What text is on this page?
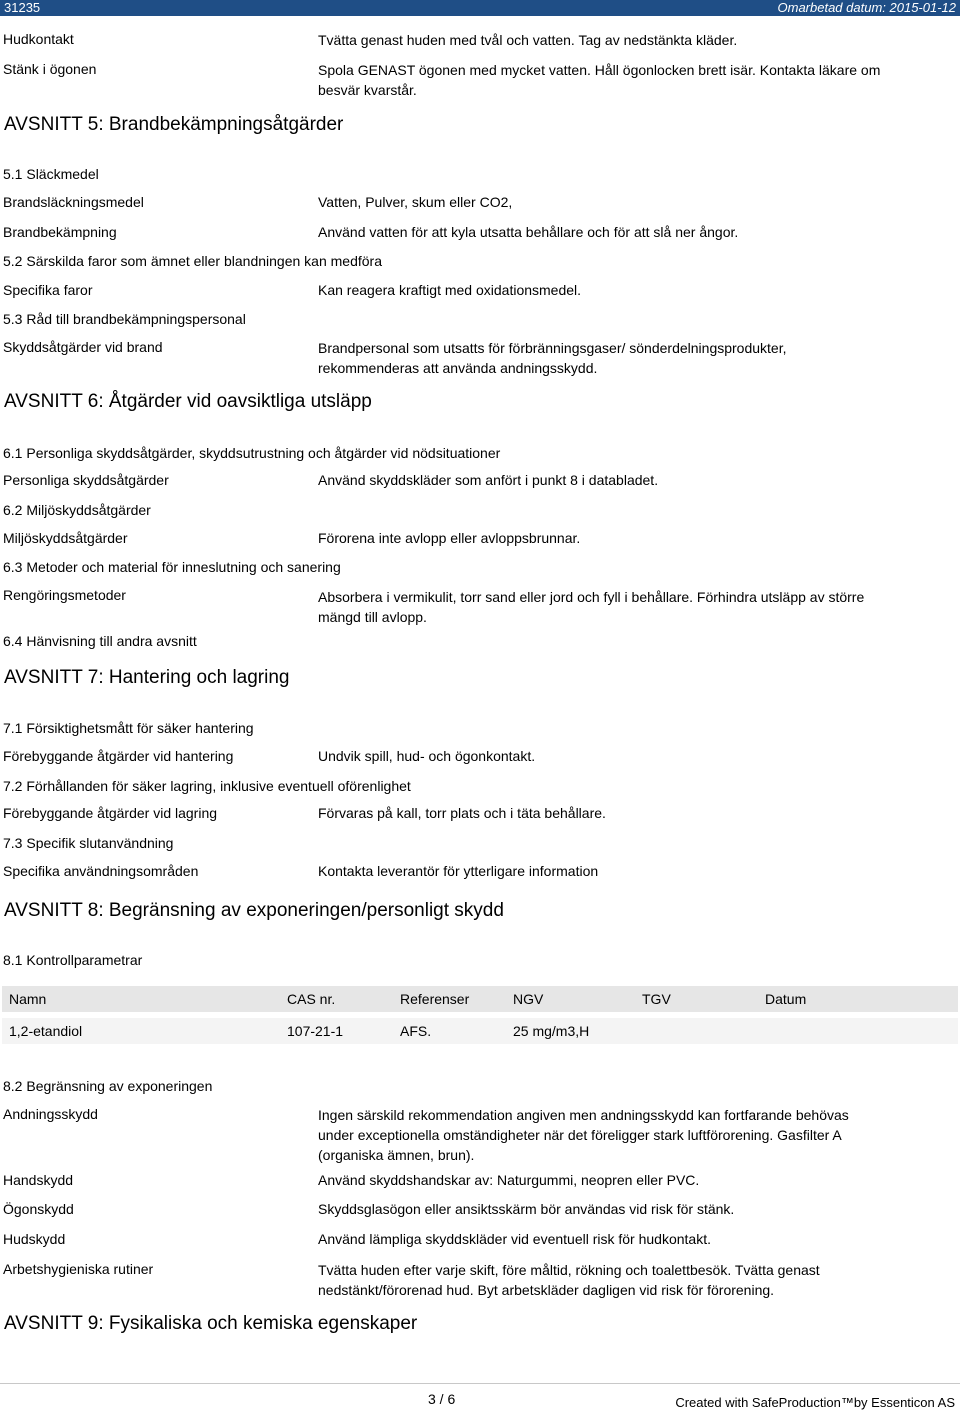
31235	Omarbetad datum: 2015-01-12
Hudkontakt	Tvätta genast huden med tvål och vatten. Tag av nedstänkta kläder.
Stänk i ögonen	Spola GENAST ögonen med mycket vatten. Håll ögonlocken brett isär. Kontakta läkare om besvär kvarstår.
AVSNITT 5: Brandbekämpningsåtgärder
5.1 Släckmedel
Brandsläckningsmedel	Vatten, Pulver, skum eller CO2,
Brandbekämpning	Använd vatten för att kyla utsatta behållare och för att slå ner ångor.
5.2 Särskilda faror som ämnet eller blandningen kan medföra
Specifika faror	Kan reagera kraftigt med oxidationsmedel.
5.3 Råd till brandbekämpningspersonal
Skyddsåtgärder vid brand	Brandpersonal som utsatts för förbränningsgaser/ sönderdelningsprodukter, rekommenderas att använda andningsskydd.
AVSNITT 6: Åtgärder vid oavsiktliga utsläpp
6.1 Personliga skyddsåtgärder, skyddsutrustning och åtgärder vid nödsituationer
Personliga skyddsåtgärder	Använd skyddskläder som anfört i punkt 8 i databladet.
6.2 Miljöskyddsåtgärder
Miljöskyddsåtgärder	Förorena inte avlopp eller avloppsbrunnar.
6.3 Metoder och material för inneslutning och sanering
Rengöringsmetoder	Absorbera i vermikulit, torr sand eller jord och fyll i behållare. Förhindra utsläpp av större mängd till avlopp.
6.4 Hänvisning till andra avsnitt
AVSNITT 7: Hantering och lagring
7.1 Försiktighetsmått för säker hantering
Förebyggande åtgärder vid hantering	Undvik spill, hud- och ögonkontakt.
7.2 Förhållanden för säker lagring, inklusive eventuell oförenlighet
Förebyggande åtgärder vid lagring	Förvaras på kall, torr plats och i täta behållare.
7.3 Specifik slutanvändning
Specifika användningsområden	Kontakta leverantör för ytterligare information
AVSNITT 8: Begränsning av exponeringen/personligt skydd
8.1 Kontrollparametrar
Namn	CAS nr.	Referenser	NGV	TGV	Datum
1,2-etandiol	107-21-1	AFS.	25 mg/m3,H		
8.2 Begränsning av exponeringen
Andningsskydd	Ingen särskild rekommendation angiven men andningsskydd kan fortfarande behövas under exceptionella omständigheter när det föreligger stark luftförorening. Gasfilter A (organiska ämnen, brun).
Handskydd	Använd skyddshandskar av: Naturgummi, neopren eller PVC.
Ögonskydd	Skyddsglasögon eller ansiktsskärm bör användas vid risk för stänk.
Hudskydd	Använd lämpliga skyddskläder vid eventuell risk för hudkontakt.
Arbetshygieniska rutiner	Tvätta huden efter varje skift, före måltid, rökning och toalettbesök. Tvätta genast nedstänkt/förorenad hud. Byt arbetskläder dagligen vid risk för förorening.
AVSNITT 9: Fysikaliska och kemiska egenskaper
3 / 6	Created with SafeProduction™by Essenticon AS
